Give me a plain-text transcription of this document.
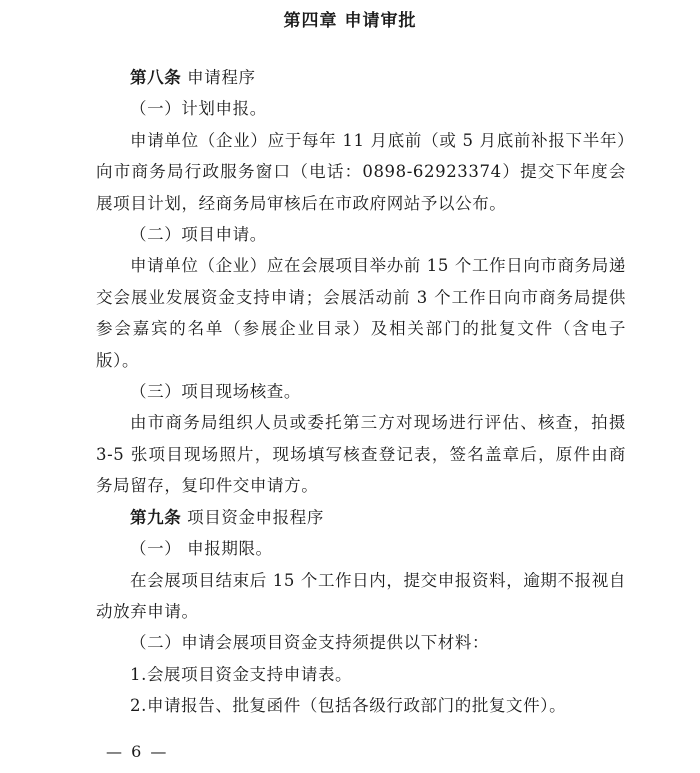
第四章 申请审批

第八条 申请程序

（一）计划申报。

申请单位（企业）应于每年 11 月底前（或 5 月底前补报下半年）向市商务局行政服务窗口（电话：0898-62923374）提交下年度会展项目计划，经商务局审核后在市政府网站予以公布。

（二）项目申请。

申请单位（企业）应在会展项目举办前 15 个工作日向市商务局递交会展业发展资金支持申请；会展活动前 3 个工作日向市商务局提供参会嘉宾的名单（参展企业目录）及相关部门的批复文件（含电子版）。

（三）项目现场核查。

由市商务局组织人员或委托第三方对现场进行评估、核查，拍摄 3-5 张项目现场照片，现场填写核查登记表，签名盖章后，原件由商务局留存，复印件交申请方。

第九条 项目资金申报程序

（一） 申报期限。

在会展项目结束后 15 个工作日内，提交申报资料，逾期不报视自动放弃申请。

（二）申请会展项目资金支持须提供以下材料：

1.会展项目资金支持申请表。

2.申请报告、批复函件（包括各级行政部门的批复文件）。

— 6 —
